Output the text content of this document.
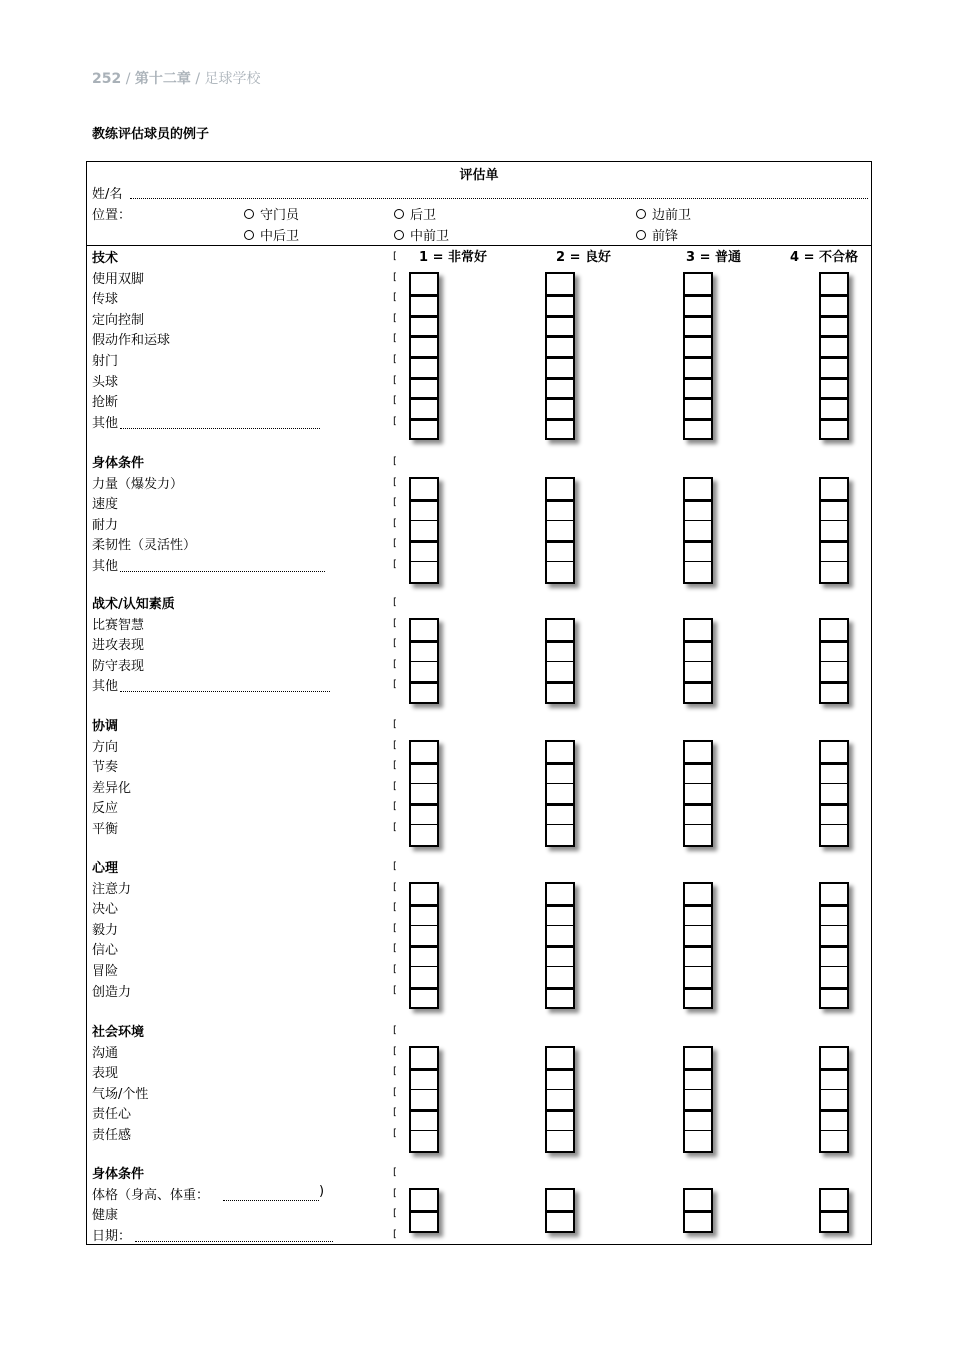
252 / 第十二章 / 足球学校
教练评估球员的例子
评估单
姓/名
位置：	守门员	后卫	边前卫
中后卫	中前卫	前锋
1 = 非常好	2 = 良好	3 = 普通	4 = 不合格
技术	[
使用双脚	[
传球	[
定向控制	[
假动作和运球	[
射门	[
头球	[
抢断	[
其他	[
身体条件	[
力量（爆发力）	[
速度	[
耐力	[
柔韧性（灵活性）	[
其他	[
战术/认知素质	[
比赛智慧	[
进攻表现	[
防守表现	[
其他	[
协调	[
方向	[
节奏	[
差异化	[
反应	[
平衡	[
心理	[
注意力	[
决心	[
毅力	[
信心	[
冒险	[
创造力	[
社会环境	[
沟通	[
表现	[
气场/个性	[
责任心	[
责任感	[
身体条件	[
体格（身高、体重：	[
)
健康	[
日期：	[
